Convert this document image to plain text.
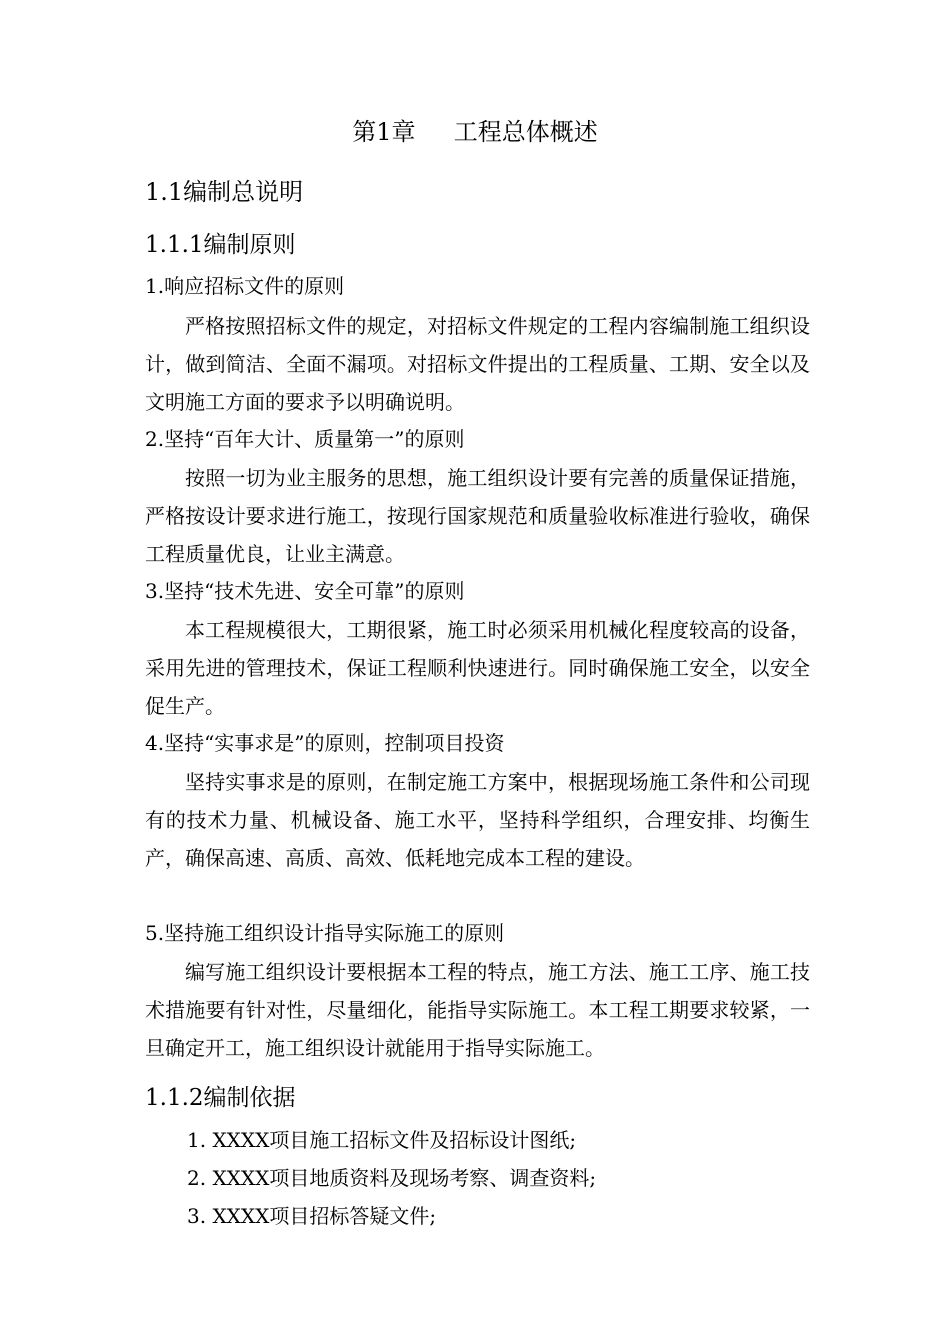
第1章     工程总体概述
1.1编制总说明
1.1.1编制原则
1.响应招标文件的原则
严格按照招标文件的规定，对招标文件规定的工程内容编制施工组织设计，做到简洁、全面不漏项。对招标文件提出的工程质量、工期、安全以及文明施工方面的要求予以明确说明。
2.坚持“百年大计、质量第一”的原则
按照一切为业主服务的思想，施工组织设计要有完善的质量保证措施，严格按设计要求进行施工，按现行国家规范和质量验收标准进行验收，确保工程质量优良，让业主满意。
3.坚持“技术先进、安全可靠”的原则
本工程规模很大，工期很紧，施工时必须采用机械化程度较高的设备，采用先进的管理技术，保证工程顺利快速进行。同时确保施工安全，以安全促生产。
4.坚持“实事求是”的原则，控制项目投资
坚持实事求是的原则，在制定施工方案中，根据现场施工条件和公司现有的技术力量、机械设备、施工水平，坚持科学组织，合理安排、均衡生产，确保高速、高质、高效、低耗地完成本工程的建设。
5.坚持施工组织设计指导实际施工的原则
编写施工组织设计要根据本工程的特点，施工方法、施工工序、施工技术措施要有针对性，尽量细化，能指导实际施工。本工程工期要求较紧，一旦确定开工，施工组织设计就能用于指导实际施工。
1.1.2编制依据
1. XXXX项目施工招标文件及招标设计图纸;
2. XXXX项目地质资料及现场考察、调查资料;
3. XXXX项目招标答疑文件;
